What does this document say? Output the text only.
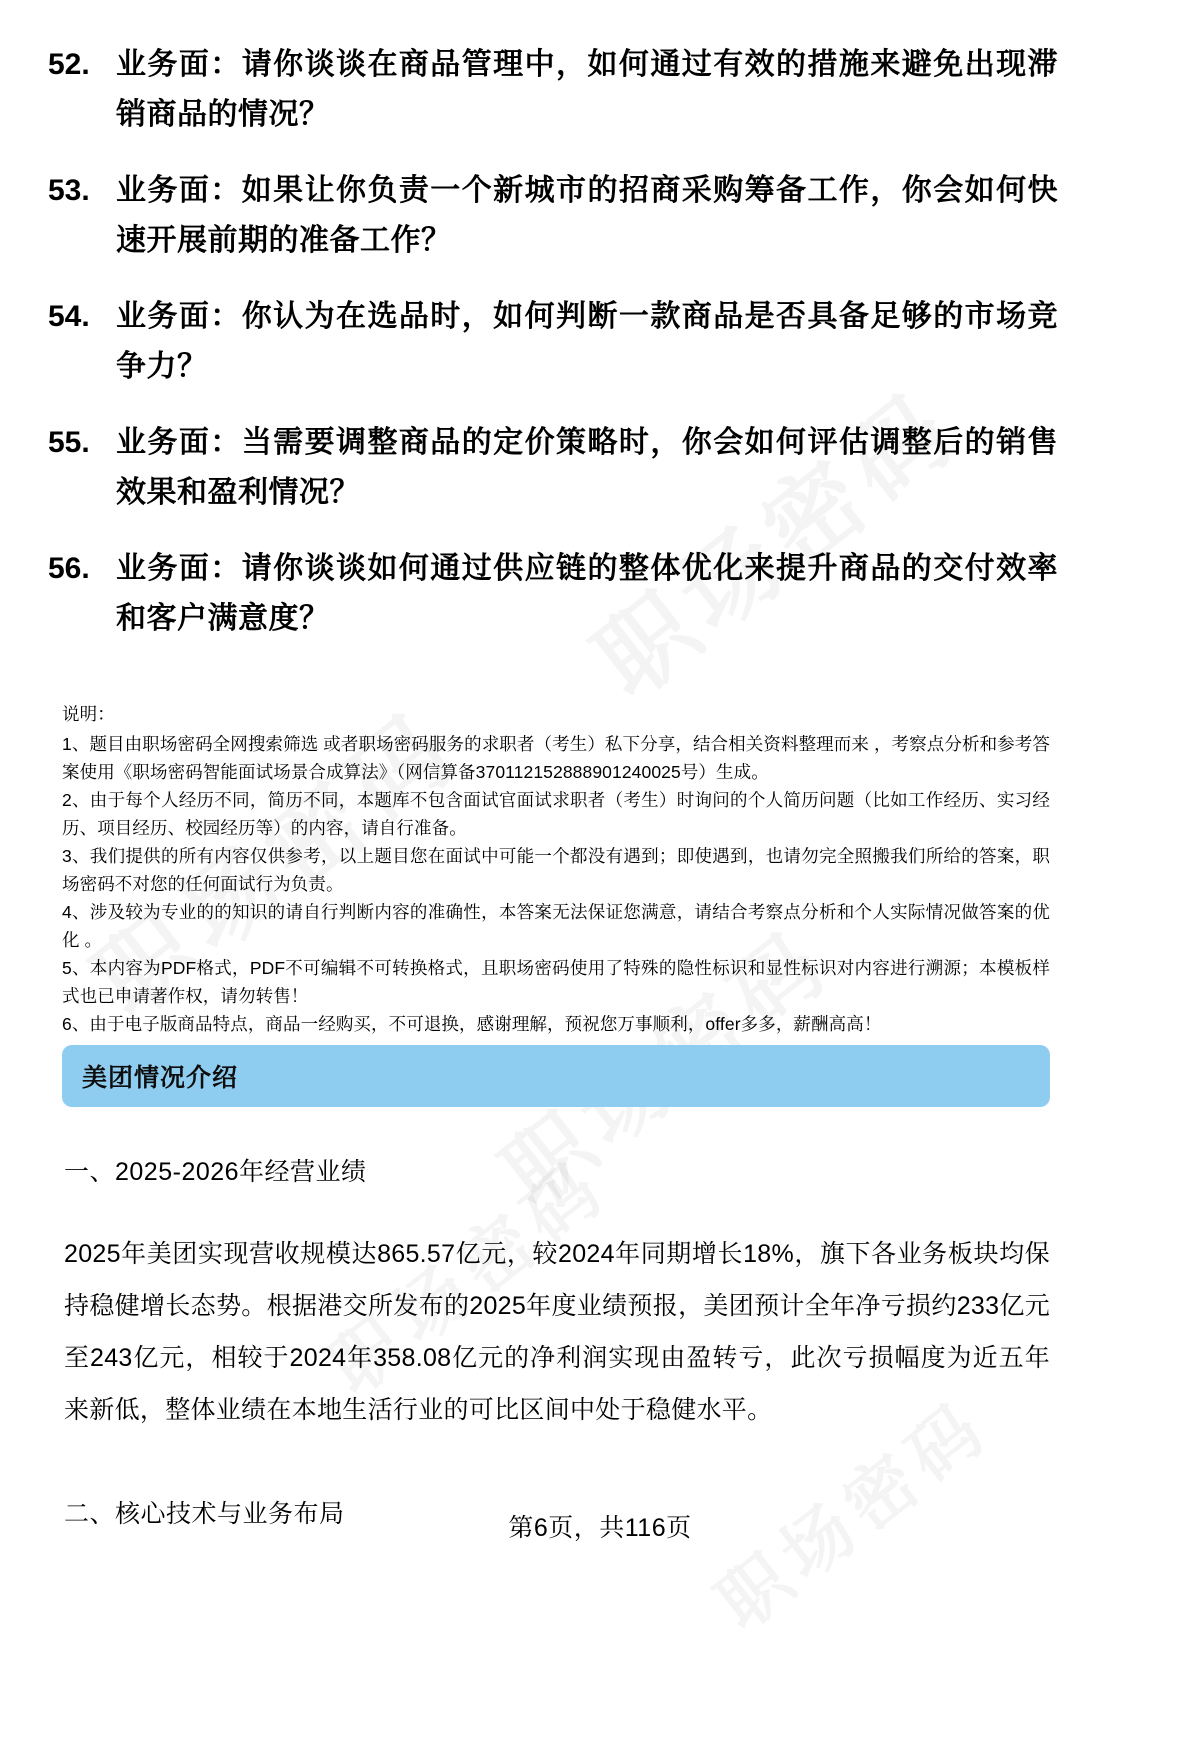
52. 业务面：请你谈谈在商品管理中，如何通过有效的措施来避免出现滞销商品的情况？
53. 业务面：如果让你负责一个新城市的招商采购筹备工作，你会如何快速开展前期的准备工作？
54. 业务面：你认为在选品时，如何判断一款商品是否具备足够的市场竞争力？
55. 业务面：当需要调整商品的定价策略时，你会如何评估调整后的销售效果和盈利情况？
56. 业务面：请你谈谈如何通过供应链的整体优化来提升商品的交付效率和客户满意度？

说明：

1、题目由职场密码全网搜索筛选 或者职场密码服务的求职者（考生）私下分享，结合相关资料整理而来 ，考察点分析和参考答案使用《职场密码智能面试场景合成算法》（网信算备370112152888901240025号）生成。

2、由于每个人经历不同，简历不同，本题库不包含面试官面试求职者（考生）时询问的个人简历问题（比如工作经历、实习经历、项目经历、校园经历等）的内容，请自行准备。

3、我们提供的所有内容仅供参考，以上题目您在面试中可能一个都没有遇到；即使遇到，也请勿完全照搬我们所给的答案，职场密码不对您的任何面试行为负责。

4、涉及较为专业的的知识的请自行判断内容的准确性，本答案无法保证您满意，请结合考察点分析和个人实际情况做答案的优化 。

5、本内容为PDF格式，PDF不可编辑不可转换格式，且职场密码使用了特殊的隐性标识和显性标识对内容进行溯源；本模板样式也已申请著作权，请勿转售！

6、由于电子版商品特点，商品一经购买，不可退换，感谢理解，预祝您万事顺利，offer多多，薪酬高高！

美团情况介绍
一、2025-2026年经营业绩
2025年美团实现营收规模达865.57亿元，较2024年同期增长18%，旗下各业务板块均保持稳健增长态势。根据港交所发布的2025年度业绩预报，美团预计全年净亏损约233亿元至243亿元，相较于2024年358.08亿元的净利润实现由盈转亏，此次亏损幅度为近五年来新低，整体业绩在本地生活行业的可比区间中处于稳健水平。
二、核心技术与业务布局	第6页，共116页
